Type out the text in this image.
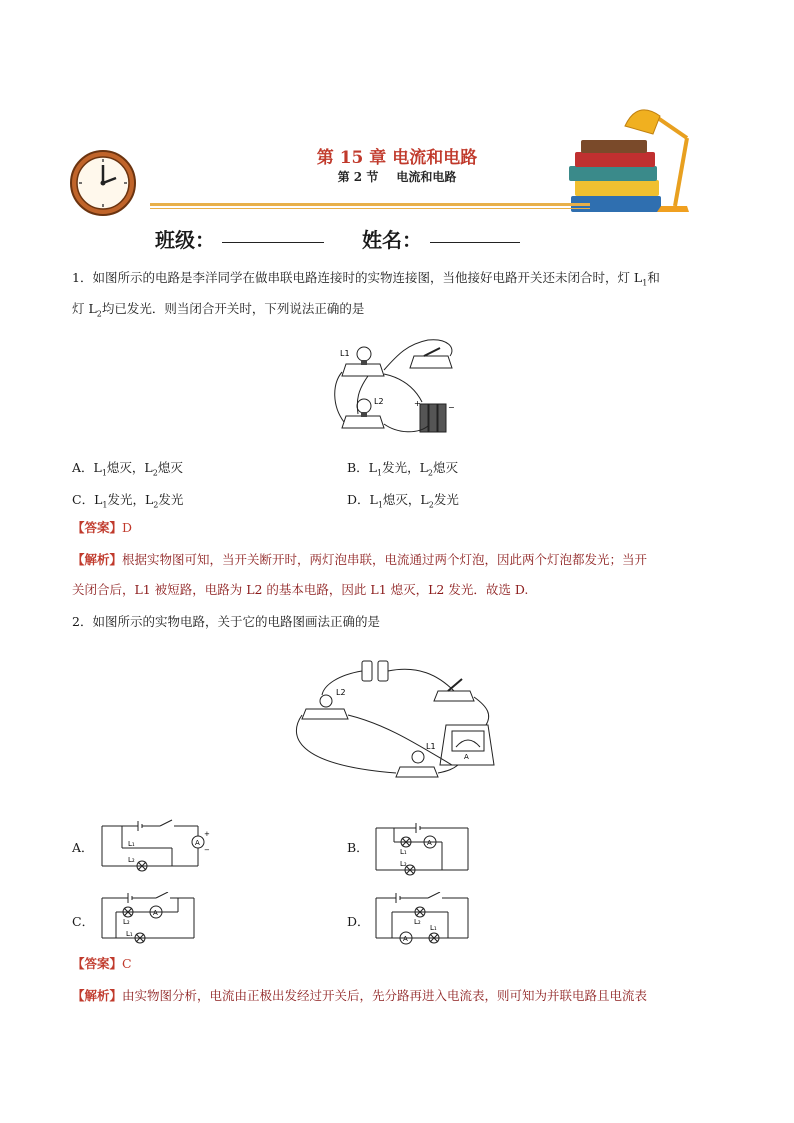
第 15 章 电流和电路
第 2 节 电流和电路
班级：	姓名：
1．如图所示的电路是李洋同学在做串联电路连接时的实物连接图，当他接好电路开关还未闭合时，灯 $L_1$和
灯 $L_2$均已发光．则当闭合开关时，下列说法正确的是
L1
L2	+	−
A．$L_1$熄灭，$L_2$熄灭	B．$L_1$发光，$L_2$熄灭
C．$L_1$发光，$L_2$发光	D．$L_1$熄灭，$L_2$发光
【答案】D
【解析】根据实物图可知，当开关断开时，两灯泡串联，电流通过两个灯泡，因此两个灯泡都发光；当开
关闭合后，L1 被短路，电路为 L2 的基本电路，因此 L1 熄灭，L2 发光．故选 D.
2．如图所示的实物电路，关于它的电路图画法正确的是
L2
L1
A
A．	A
+
−
L₁
L₂
B．	A
L₁
L₂
C．
A
L₂
L₁
D．
A
L₂
L₁
【答案】C
【解析】由实物图分析，电流由正极出发经过开关后，先分路再进入电流表，则可知为并联电路且电流表
